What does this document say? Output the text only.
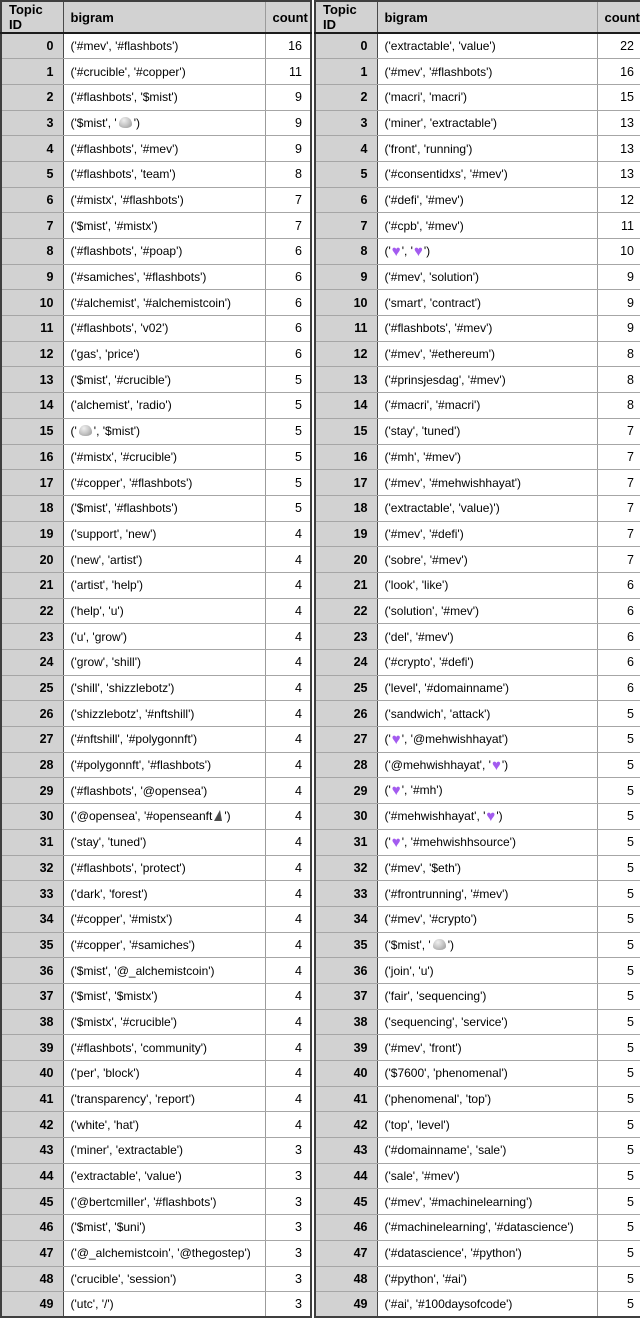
Topic ID	bigram	count
0	('#mev', '#flashbots')	16
1	('#crucible', '#copper')	11
2	('#flashbots', '$mist')	9
3	('$mist', ' ')	9
4	('#flashbots', '#mev')	9
5	('#flashbots', 'team')	8
6	('#mistx', '#flashbots')	7
7	('$mist', '#mistx')	7
8	('#flashbots', '#poap')	6
9	('#samiches', '#flashbots')	6
10	('#alchemist', '#alchemistcoin')	6
11	('#flashbots', 'v02')	6
12	('gas', 'price')	6
13	('$mist', '#crucible')	5
14	('alchemist', 'radio')	5
15	(' ', '$mist')	5
16	('#mistx', '#crucible')	5
17	('#copper', '#flashbots')	5
18	('$mist', '#flashbots')	5
19	('support', 'new')	4
20	('new', 'artist')	4
21	('artist', 'help')	4
22	('help', 'u')	4
23	('u', 'grow')	4
24	('grow', 'shill')	4
25	('shill', 'shizzlebotz')	4
26	('shizzlebotz', '#nftshill')	4
27	('#nftshill', '#polygonnft')	4
28	('#polygonnft', '#flashbots')	4
29	('#flashbots', '@opensea')	4
30	('@opensea', '#openseanft ')	4
31	('stay', 'tuned')	4
32	('#flashbots', 'protect')	4
33	('dark', 'forest')	4
34	('#copper', '#mistx')	4
35	('#copper', '#samiches')	4
36	('$mist', '@_alchemistcoin')	4
37	('$mist', '$mistx')	4
38	('$mistx', '#crucible')	4
39	('#flashbots', 'community')	4
40	('per', 'block')	4
41	('transparency', 'report')	4
42	('white', 'hat')	4
43	('miner', 'extractable')	3
44	('extractable', 'value')	3
45	('@bertcmiller', '#flashbots')	3
46	('$mist', '$uni')	3
47	('@_alchemistcoin', '@thegostep')	3
48	('crucible', 'session')	3
49	('utc', '/')	3
Topic ID	bigram	count
0	('extractable', 'value')	22
1	('#mev', '#flashbots')	16
2	('macri', 'macri')	15
3	('miner', 'extractable')	13
4	('front', 'running')	13
5	('#consentidxs', '#mev')	13
6	('#defi', '#mev')	12
7	('#cpb', '#mev')	11
8	('♥', '♥')	10
9	('#mev', 'solution')	9
10	('smart', 'contract')	9
11	('#flashbots', '#mev')	9
12	('#mev', '#ethereum')	8
13	('#prinsjesdag', '#mev')	8
14	('#macri', '#macri')	8
15	('stay', 'tuned')	7
16	('#mh', '#mev')	7
17	('#mev', '#mehwishhayat')	7
18	('extractable', 'value)')	7
19	('#mev', '#defi')	7
20	('sobre', '#mev')	7
21	('look', 'like')	6
22	('solution', '#mev')	6
23	('del', '#mev')	6
24	('#crypto', '#defi')	6
25	('level', '#domainname')	6
26	('sandwich', 'attack')	5
27	('♥', '@mehwishhayat')	5
28	('@mehwishhayat', '♥')	5
29	('♥', '#mh')	5
30	('#mehwishhayat', '♥')	5
31	('♥', '#mehwishhsource')	5
32	('#mev', '$eth')	5
33	('#frontrunning', '#mev')	5
34	('#mev', '#crypto')	5
35	('$mist', ' ')	5
36	('join', 'u')	5
37	('fair', 'sequencing')	5
38	('sequencing', 'service')	5
39	('#mev', 'front')	5
40	('$7600', 'phenomenal')	5
41	('phenomenal', 'top')	5
42	('top', 'level')	5
43	('#domainname', 'sale')	5
44	('sale', '#mev')	5
45	('#mev', '#machinelearning')	5
46	('#machinelearning', '#datascience')	5
47	('#datascience', '#python')	5
48	('#python', '#ai')	5
49	('#ai', '#100daysofcode')	5
